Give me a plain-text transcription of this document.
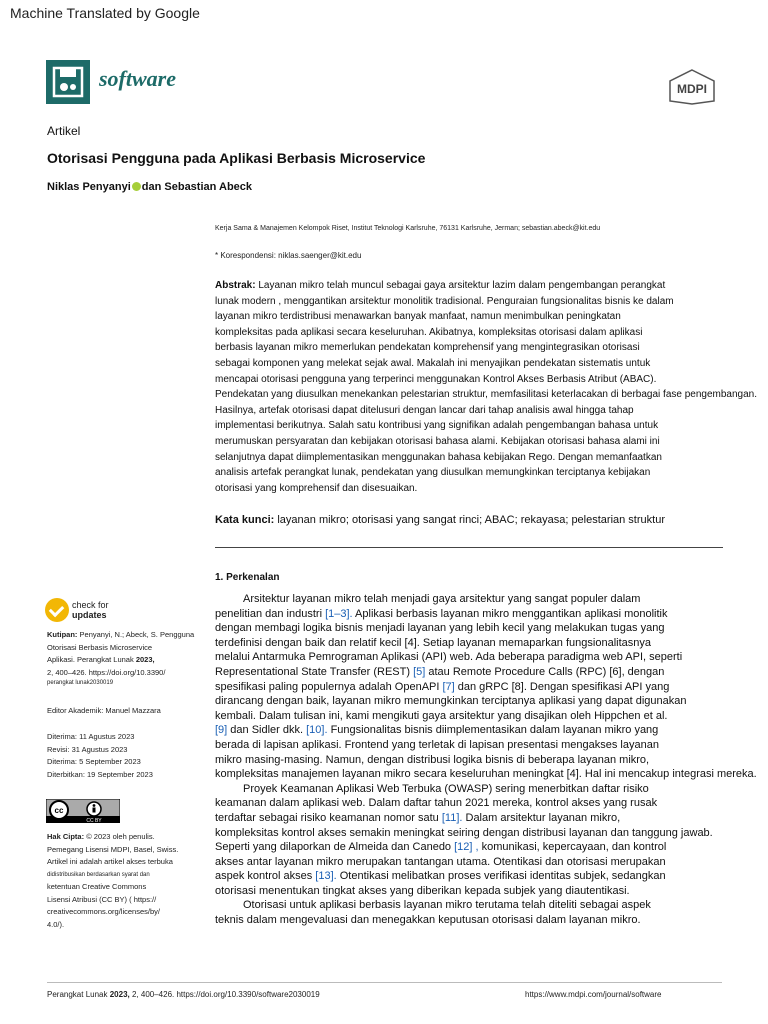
Machine Translated by Google
software	MDPI
Artikel
Otorisasi Pengguna pada Aplikasi Berbasis Microservice
Niklas Penyanyi dan Sebastian Abeck
Kerja Sama & Manajemen Kelompok Riset, Institut Teknologi Karlsruhe, 76131 Karlsruhe, Jerman; sebastian.abeck@kit.edu
* Korespondensi: niklas.saenger@kit.edu
Abstrak: Layanan mikro telah muncul sebagai gaya arsitektur lazim dalam pengembangan perangkat
lunak modern , menggantikan arsitektur monolitik tradisional. Penguraian fungsionalitas bisnis ke dalam
layanan mikro terdistribusi menawarkan banyak manfaat, namun menimbulkan peningkatan
kompleksitas pada aplikasi secara keseluruhan. Akibatnya, kompleksitas otorisasi dalam aplikasi
berbasis layanan mikro memerlukan pendekatan komprehensif yang mengintegrasikan otorisasi
sebagai komponen yang melekat sejak awal. Makalah ini menyajikan pendekatan sistematis untuk
mencapai otorisasi pengguna yang terperinci menggunakan Kontrol Akses Berbasis Atribut (ABAC).
Pendekatan yang diusulkan menekankan pelestarian struktur, memfasilitasi keterlacakan di berbagai fase pengembangan.
Hasilnya, artefak otorisasi dapat ditelusuri dengan lancar dari tahap analisis awal hingga tahap
implementasi berikutnya. Salah satu kontribusi yang signifikan adalah pengembangan bahasa untuk
merumuskan persyaratan dan kebijakan otorisasi bahasa alami. Kebijakan otorisasi bahasa alami ini
selanjutnya dapat diimplementasikan menggunakan bahasa kebijakan Rego. Dengan memanfaatkan
analisis artefak perangkat lunak, pendekatan yang diusulkan memungkinkan terciptanya kebijakan
otorisasi yang komprehensif dan disesuaikan.
Kata kunci: layanan mikro; otorisasi yang sangat rinci; ABAC; rekayasa; pelestarian struktur
1. Perkenalan
Arsitektur layanan mikro telah menjadi gaya arsitektur yang sangat populer dalam
penelitian dan industri [1–3]. Aplikasi berbasis layanan mikro menggantikan aplikasi monolitik
dengan membagi logika bisnis menjadi layanan yang lebih kecil yang melakukan tugas yang
terdefinisi dengan baik dan relatif kecil [4]. Setiap layanan memaparkan fungsionalitasnya
melalui Antarmuka Pemrograman Aplikasi (API) web. Ada beberapa paradigma web API, seperti
Representational State Transfer (REST) [5] atau Remote Procedure Calls (RPC) [6], dengan
spesifikasi paling populernya adalah OpenAPI [7] dan gRPC [8]. Dengan spesifikasi API yang
dirancang dengan baik, layanan mikro memungkinkan terciptanya aplikasi yang dapat digunakan
kembali. Dalam tulisan ini, kami mengikuti gaya arsitektur yang disajikan oleh Hippchen et al.
[9] dan Sidler dkk. [10]. Fungsionalitas bisnis diimplementasikan dalam layanan mikro yang
berada di lapisan aplikasi. Frontend yang terletak di lapisan presentasi mengakses layanan
mikro masing-masing. Namun, dengan distribusi logika bisnis di beberapa layanan mikro,
kompleksitas manajemen layanan mikro secara keseluruhan meningkat [4]. Hal ini mencakup integrasi mereka.
Proyek Keamanan Aplikasi Web Terbuka (OWASP) sering menerbitkan daftar risiko
keamanan dalam aplikasi web. Dalam daftar tahun 2021 mereka, kontrol akses yang rusak
terdaftar sebagai risiko keamanan nomor satu [11]. Dalam arsitektur layanan mikro,
kompleksitas kontrol akses semakin meningkat seiring dengan distribusi layanan dan tanggung jawab.
Seperti yang dilaporkan de Almeida dan Canedo [12] , komunikasi, kepercayaan, dan kontrol
akses antar layanan mikro merupakan tantangan utama. Otentikasi dan otorisasi merupakan
aspek kontrol akses [13]. Otentikasi melibatkan proses verifikasi identitas subjek, sedangkan
otorisasi menentukan tingkat akses yang diberikan kepada subjek yang diautentikasi.
Otorisasi untuk aplikasi berbasis layanan mikro terutama telah diteliti sebagai aspek
teknis dalam mengevaluasi dan menegakkan keputusan otorisasi dalam layanan mikro.
check for
updates
Kutipan: Penyanyi, N.; Abeck, S. Pengguna
Otorisasi Berbasis Microservice
Aplikasi. Perangkat Lunak 2023,
2, 400–426. https://doi.org/10.3390/
perangkat lunak2030019
Editor Akademik: Manuel Mazzara
Diterima: 11 Agustus 2023
Revisi: 31 Agustus 2023
Diterima: 5 September 2023
Diterbitkan: 19 September 2023
cc
CC BY
Hak Cipta: © 2023 oleh penulis.
Pemegang Lisensi MDPI, Basel, Swiss.
Artikel ini adalah artikel akses terbuka
didistribusikan berdasarkan syarat dan
ketentuan Creative Commons
Lisensi Atribusi (CC BY) ( https://
creativecommons.org/licenses/by/
4.0/).
Perangkat Lunak 2023, 2, 400–426. https://doi.org/10.3390/software2030019	https://www.mdpi.com/journal/software
